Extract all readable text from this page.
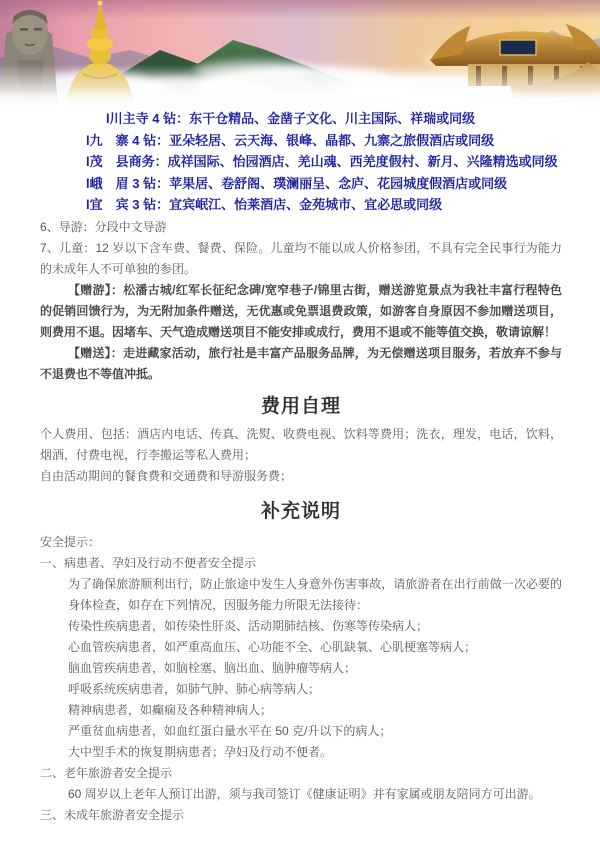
l川主寺 4 钻：东干仓精品、金凿子文化、川主国际、祥瑞或同级
l九　寨 4 钻：亚朵轻居、云天海、银峰、晶都、九寨之旅假酒店或同级
l茂　县商务：成祥国际、怡园酒店、羌山魂、西羌度假村、新月、兴隆精选或同级
l峨　眉 3 钻：苹果居、卷舒阁、璞澜丽呈、念庐、花园城度假酒店或同级
l宜　宾 3 钻：宜宾岷江、怡莱酒店、金苑城市、宜必思或同级

6、导游：分段中文导游

7、儿童：12 岁以下含车费、餐费、保险。儿童均不能以成人价格参团，不具有完全民事行为能力的未成年人不可单独的参团。

【赠游】：松潘古城/红军长征纪念碑/宽窄巷子/锦里古街，赠送游览景点为我社丰富行程特色的促销回馈行为，为无附加条件赠送，无优惠或免票退费政策，如游客自身原因不参加赠送项目，则费用不退。因堵车、天气造成赠送项目不能安排或成行，费用不退或不能等值交换，敬请谅解！

【赠送】：走进藏家活动，旅行社是丰富产品服务品牌，为无偿赠送项目服务，若放弃不参与不退费也不等值冲抵。

费用自理

个人费用、包括：酒店内电话、传真、洗熨、收费电视、饮料等费用；洗衣，理发，电话，饮料，烟酒，付费电视，行李搬运等私人费用；

自由活动期间的餐食费和交通费和导游服务费；

补充说明

安全提示：

一、病患者、孕妇及行动不便者安全提示

为了确保旅游顺利出行，防止旅途中发生人身意外伤害事故，请旅游者在出行前做一次必要的身体检查，如存在下列情况，因服务能力所限无法接待：

传染性疾病患者，如传染性肝炎、活动期肺结核、伤寒等传染病人；

心血管疾病患者，如严重高血压、心功能不全、心肌缺氧、心肌梗塞等病人；

脑血管疾病患者，如脑栓塞、脑出血、脑肿瘤等病人；

呼吸系统疾病患者，如肺气肿、肺心病等病人；

精神病患者，如癫痫及各种精神病人；

严重贫血病患者，如血红蛋白量水平在 50 克/升以下的病人；

大中型手术的恢复期病患者；孕妇及行动不便者。

二、老年旅游者安全提示

60 周岁以上老年人预订出游，须与我司签订《健康证明》并有家属或朋友陪同方可出游。

三、未成年旅游者安全提示
